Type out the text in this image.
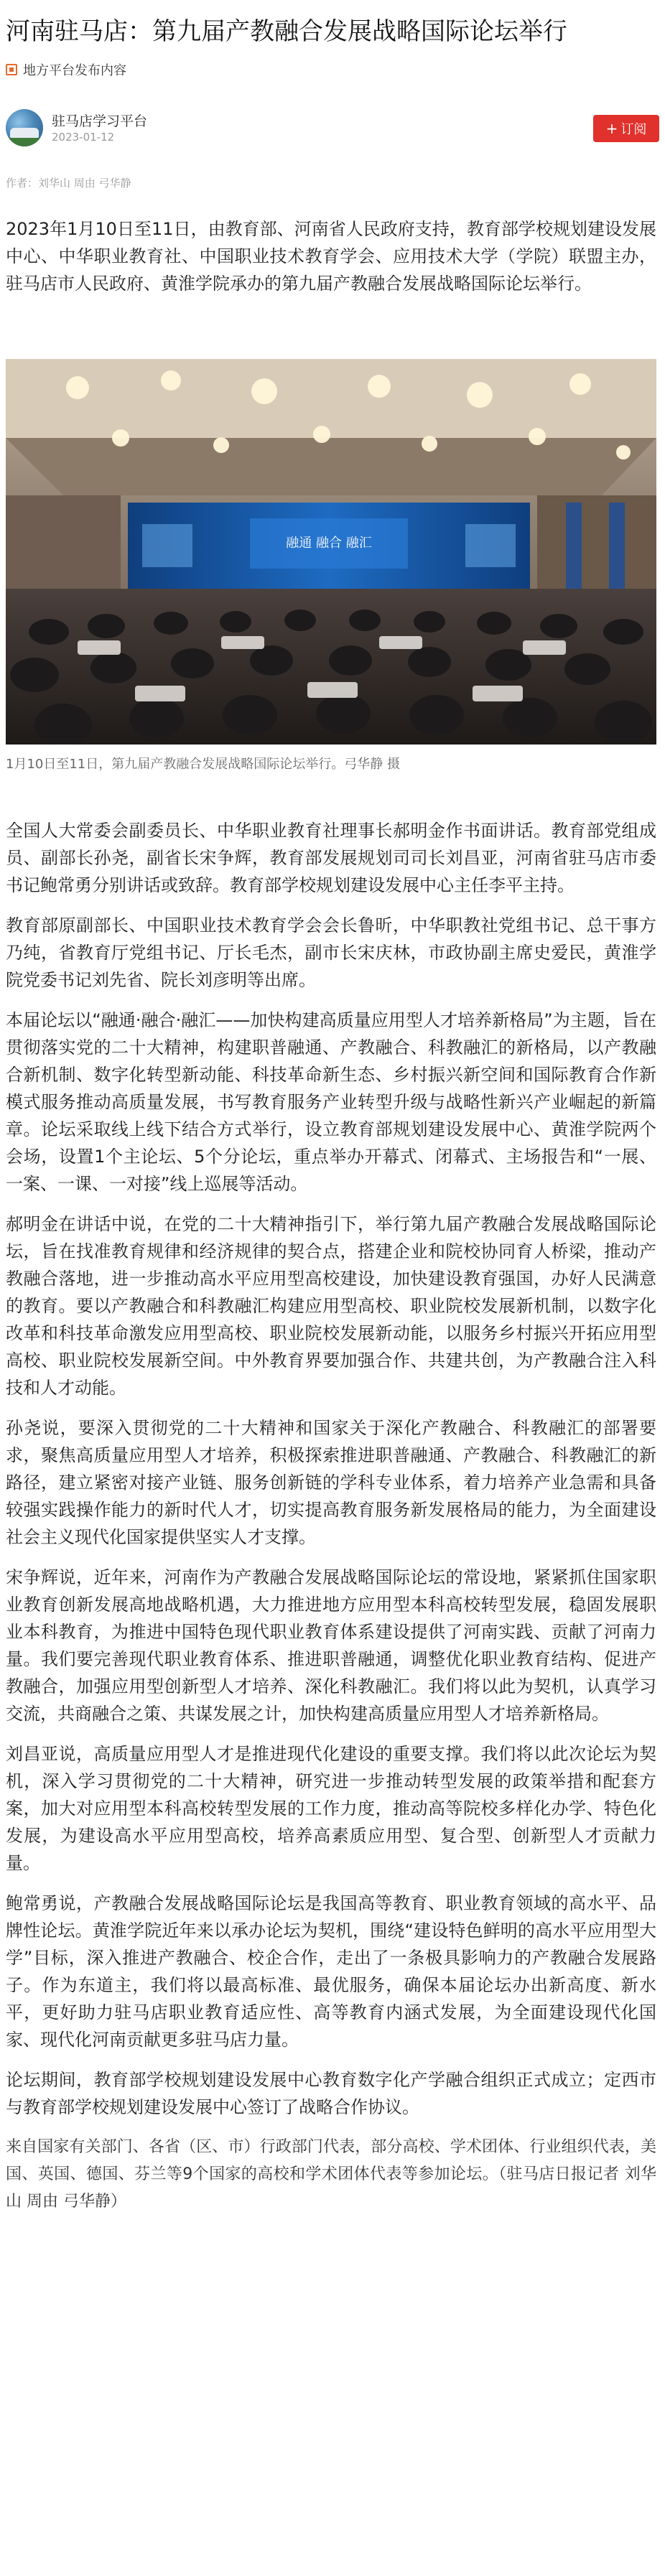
河南驻马店：第九届产教融合发展战略国际论坛举行
地方平台发布内容
驻马店学习平台
2023-01-12	+ 订阅
作者：刘华山 周由 弓华静

2023年1月10日至11日，由教育部、河南省人民政府支持，教育部学校规划建设发展中心、中华职业教育社、中国职业技术教育学会、应用技术大学（学院）联盟主办，驻马店市人民政府、黄淮学院承办的第九届产教融合发展战略国际论坛举行。

融通 融合 融汇
1月10日至11日，第九届产教融合发展战略国际论坛举行。弓华静 摄

全国人大常委会副委员长、中华职业教育社理事长郝明金作书面讲话。教育部党组成员、副部长孙尧，副省长宋争辉，教育部发展规划司司长刘昌亚，河南省驻马店市委书记鲍常勇分别讲话或致辞。教育部学校规划建设发展中心主任李平主持。

教育部原副部长、中国职业技术教育学会会长鲁昕，中华职教社党组书记、总干事方乃纯，省教育厅党组书记、厅长毛杰，副市长宋庆林，市政协副主席史爱民，黄淮学院党委书记刘先省、院长刘彦明等出席。

本届论坛以“融通·融合·融汇——加快构建高质量应用型人才培养新格局”为主题，旨在贯彻落实党的二十大精神，构建职普融通、产教融合、科教融汇的新格局，以产教融合新机制、数字化转型新动能、科技革命新生态、乡村振兴新空间和国际教育合作新模式服务推动高质量发展，书写教育服务产业转型升级与战略性新兴产业崛起的新篇章。论坛采取线上线下结合方式举行，设立教育部规划建设发展中心、黄淮学院两个会场，设置1个主论坛、5个分论坛，重点举办开幕式、闭幕式、主场报告和“一展、一案、一课、一对接”线上巡展等活动。

郝明金在讲话中说，在党的二十大精神指引下，举行第九届产教融合发展战略国际论坛，旨在找准教育规律和经济规律的契合点，搭建企业和院校协同育人桥梁，推动产教融合落地，进一步推动高水平应用型高校建设，加快建设教育强国，办好人民满意的教育。要以产教融合和科教融汇构建应用型高校、职业院校发展新机制，以数字化改革和科技革命激发应用型高校、职业院校发展新动能，以服务乡村振兴开拓应用型高校、职业院校发展新空间。中外教育界要加强合作、共建共创，为产教融合注入科技和人才动能。

孙尧说，要深入贯彻党的二十大精神和国家关于深化产教融合、科教融汇的部署要求，聚焦高质量应用型人才培养，积极探索推进职普融通、产教融合、科教融汇的新路径，建立紧密对接产业链、服务创新链的学科专业体系，着力培养产业急需和具备较强实践操作能力的新时代人才，切实提高教育服务新发展格局的能力，为全面建设社会主义现代化国家提供坚实人才支撑。

宋争辉说，近年来，河南作为产教融合发展战略国际论坛的常设地，紧紧抓住国家职业教育创新发展高地战略机遇，大力推进地方应用型本科高校转型发展，稳固发展职业本科教育，为推进中国特色现代职业教育体系建设提供了河南实践、贡献了河南力量。我们要完善现代职业教育体系、推进职普融通，调整优化职业教育结构、促进产教融合，加强应用型创新型人才培养、深化科教融汇。我们将以此为契机，认真学习交流，共商融合之策、共谋发展之计，加快构建高质量应用型人才培养新格局。

刘昌亚说，高质量应用型人才是推进现代化建设的重要支撑。我们将以此次论坛为契机，深入学习贯彻党的二十大精神，研究进一步推动转型发展的政策举措和配套方案，加大对应用型本科高校转型发展的工作力度，推动高等院校多样化办学、特色化发展，为建设高水平应用型高校，培养高素质应用型、复合型、创新型人才贡献力量。

鲍常勇说，产教融合发展战略国际论坛是我国高等教育、职业教育领域的高水平、品牌性论坛。黄淮学院近年来以承办论坛为契机，围绕“建设特色鲜明的高水平应用型大学”目标，深入推进产教融合、校企合作，走出了一条极具影响力的产教融合发展路子。作为东道主，我们将以最高标准、最优服务，确保本届论坛办出新高度、新水平，更好助力驻马店职业教育适应性、高等教育内涵式发展，为全面建设现代化国家、现代化河南贡献更多驻马店力量。

论坛期间，教育部学校规划建设发展中心教育数字化产学融合组织正式成立；定西市与教育部学校规划建设发展中心签订了战略合作协议。

来自国家有关部门、各省（区、市）行政部门代表，部分高校、学术团体、行业组织代表，美国、英国、德国、芬兰等9个国家的高校和学术团体代表等参加论坛。（驻马店日报记者 刘华山 周由 弓华静）
